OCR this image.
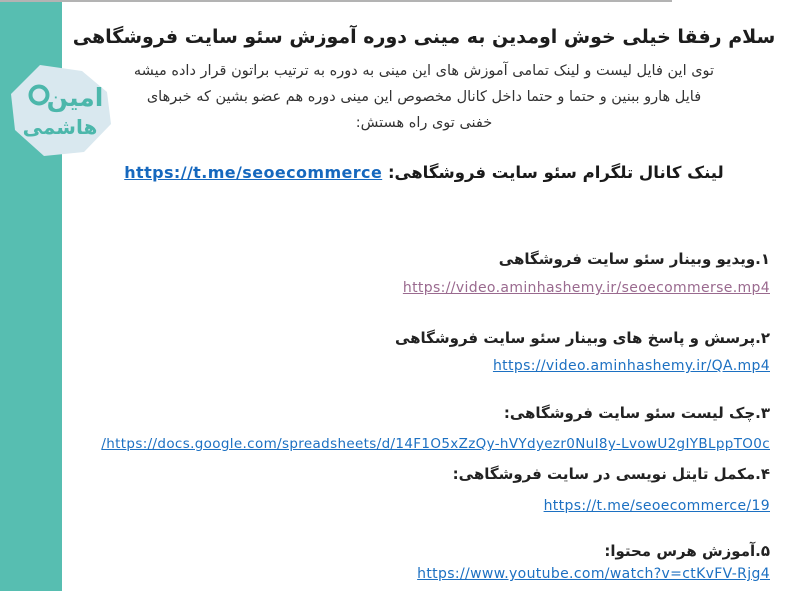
امین
هاشمی
سلام رفقا خیلی خوش اومدین به مینی دوره آموزش سئو سایت فروشگاهی

توی این فایل لیست و لینک تمامی آموزش های این مینی به دوره به ترتیب براتون قرار داده میشه
فایل هارو ببنین و حتما و حتما داخل کانال مخصوص این مینی دوره هم عضو بشین که خبرهای
خفنی توی راه هستش:

لینک کانال تلگرام سئو سایت فروشگاهی: https://t.me/seoecommerce
۱.ویدیو وبینار سئو سایت فروشگاهی
https://video.aminhashemy.ir/seoecommerse.mp4
۲.پرسش و پاسخ های وبینار سئو سایت فروشگاهی
https://video.aminhashemy.ir/QA.mp4
۳.چک لیست سئو سایت فروشگاهی:
/https://docs.google.com/spreadsheets/d/14F1O5xZzQy-hVYdyezr0NuI8y-LvowU2gIYBLppTO0c
۴.مکمل تایتل نویسی در سایت فروشگاهی:
https://t.me/seoecommerce/19
۵.آموزش هرس محتوا:
https://www.youtube.com/watch?v=ctKvFV-Rjg4
